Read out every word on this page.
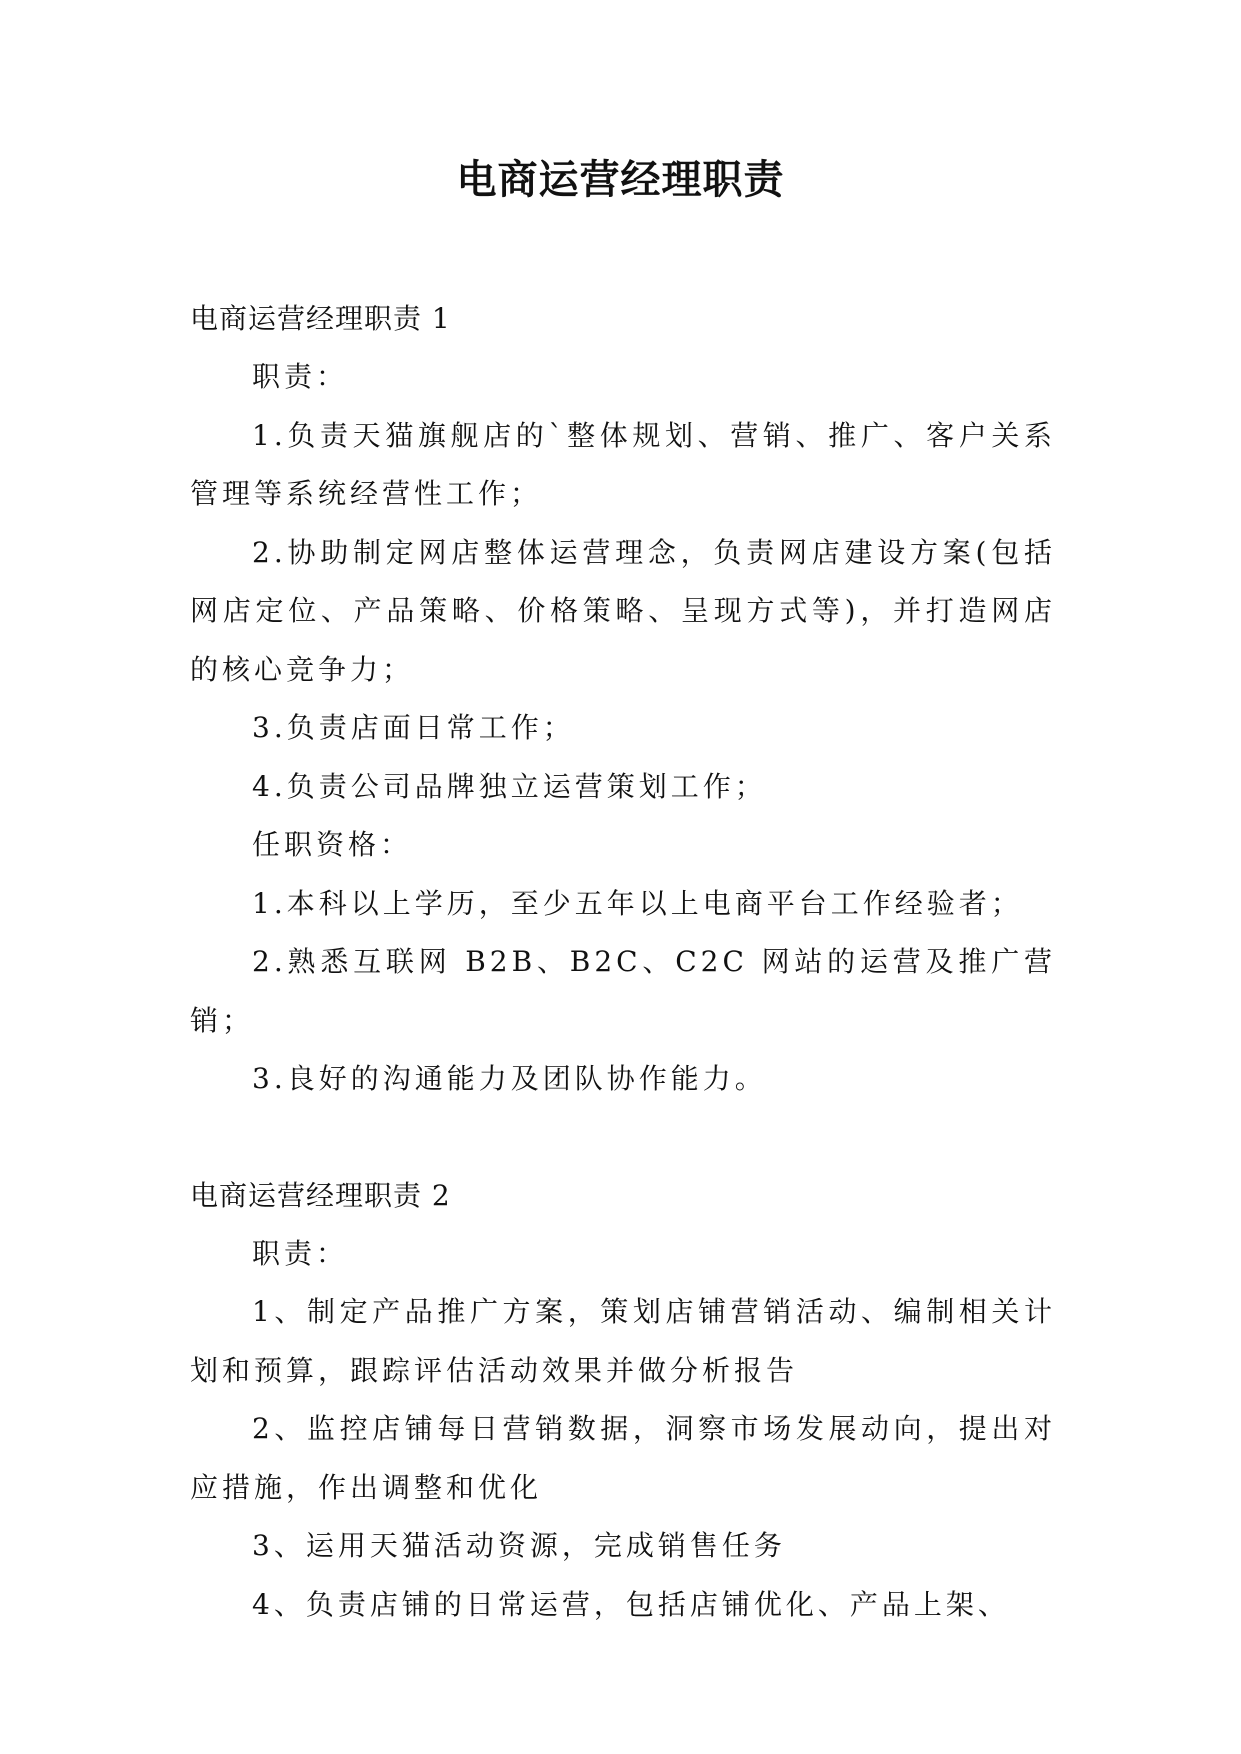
电商运营经理职责
电商运营经理职责 1

职责：

1.负责天猫旗舰店的`整体规划、营销、推广、客户关系管理等系统经营性工作；

2.协助制定网店整体运营理念，负责网店建设方案(包括网店定位、产品策略、价格策略、呈现方式等)，并打造网店的核心竞争力；

3.负责店面日常工作；

4.负责公司品牌独立运营策划工作；

任职资格：

1.本科以上学历，至少五年以上电商平台工作经验者；

2.熟悉互联网 B2B、B2C、C2C 网站的运营及推广营销；

3.良好的沟通能力及团队协作能力。

电商运营经理职责 2

职责：

1、制定产品推广方案，策划店铺营销活动、编制相关计划和预算，跟踪评估活动效果并做分析报告

2、监控店铺每日营销数据，洞察市场发展动向，提出对应措施，作出调整和优化

3、运用天猫活动资源，完成销售任务

4、负责店铺的日常运营，包括店铺优化、产品上架、
